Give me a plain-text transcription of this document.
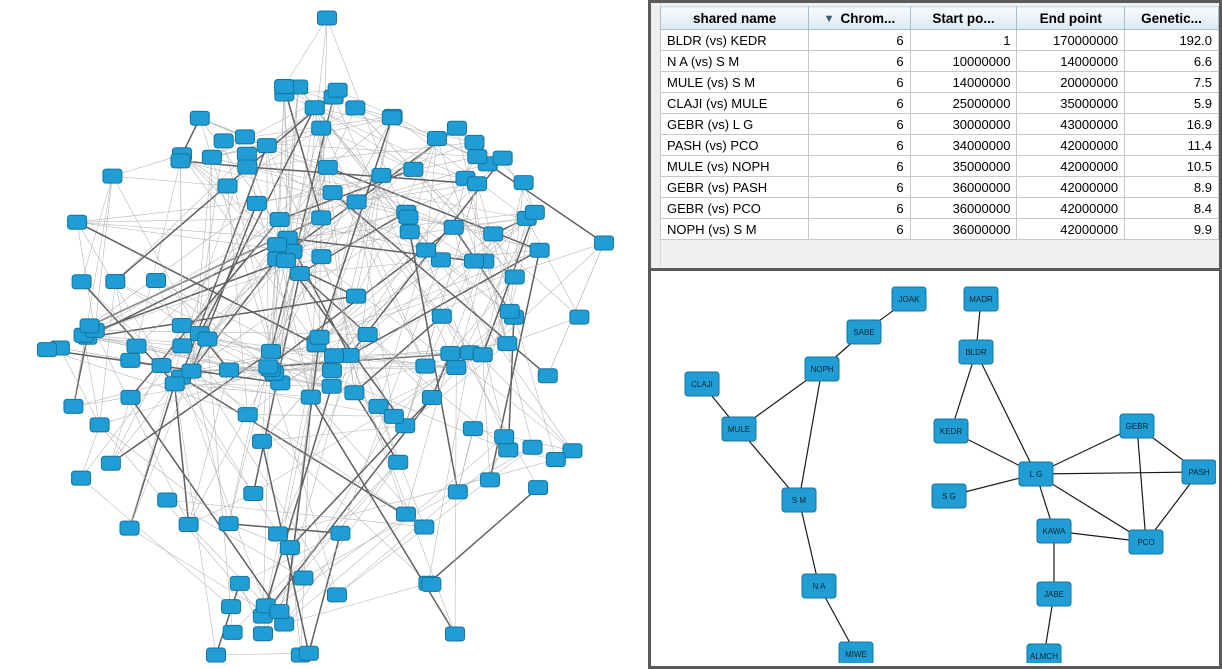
shared name	▼ Chrom...	Start po...	End point	Genetic...
BLDR (vs) KEDR	6	1	170000000	192.0
N A (vs) S M	6	10000000	14000000	6.6
MULE (vs) S M	6	14000000	20000000	7.5
CLAJI (vs) MULE	6	25000000	35000000	5.9
GEBR (vs) L G	6	30000000	43000000	16.9
PASH (vs) PCO	6	34000000	42000000	11.4
MULE (vs) NOPH	6	35000000	42000000	10.5
GEBR (vs) PASH	6	36000000	42000000	8.9
GEBR (vs) PCO	6	36000000	42000000	8.4
NOPH (vs) S M	6	36000000	42000000	9.9
JOAK
SABE
NOPH
CLAJI
MULE
S M
N A
MIWE
MADR
BLDR
KEDR
GEBR
L G	PASH
S G
KAWA
PCO
JABE
ALMCH
